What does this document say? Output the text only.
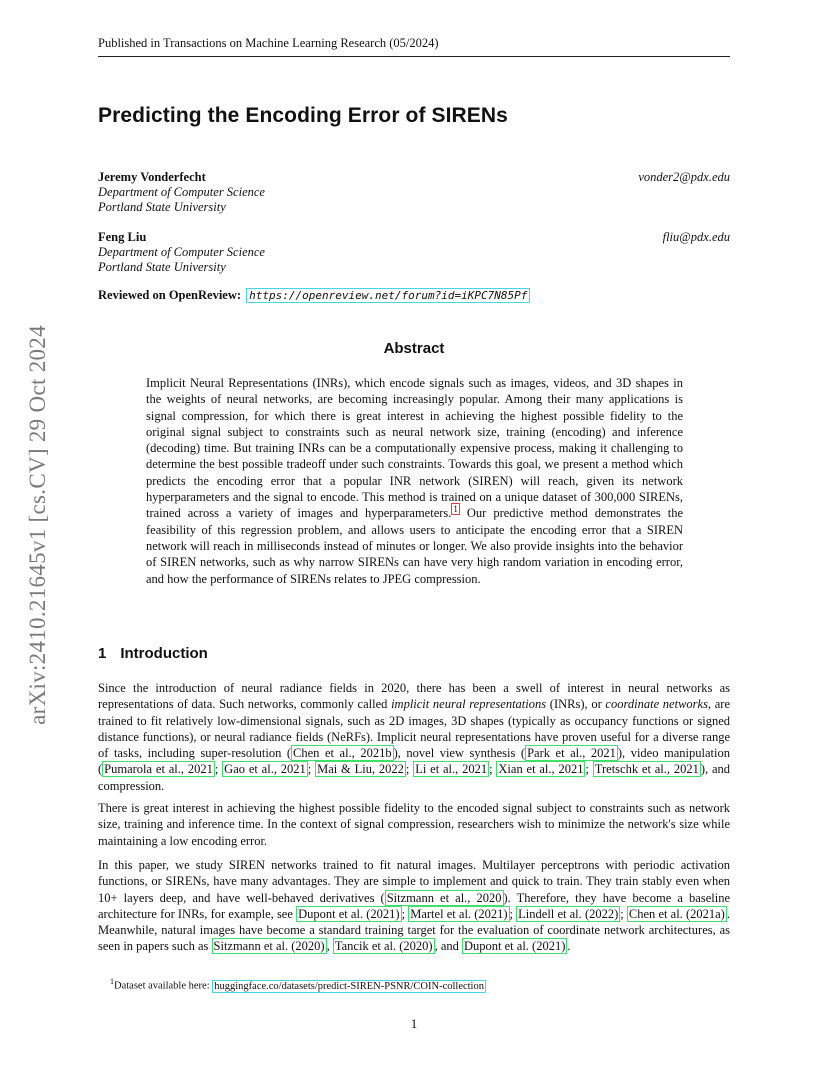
Published in Transactions on Machine Learning Research (05/2024)
arXiv:2410.21645v1 [cs.CV] 29 Oct 2024
Predicting the Encoding Error of SIRENs
Jeremy Vonderfecht	vonder2@pdx.edu
Department of Computer Science
Portland State University
Feng Liu	fliu@pdx.edu
Department of Computer Science
Portland State University
Reviewed on OpenReview: https://openreview.net/forum?id=iKPC7N85Pf
Abstract

Implicit Neural Representations (INRs), which encode signals such as images, videos, and 3D shapes in the weights of neural networks, are becoming increasingly popular. Among their many applications is signal compression, for which there is great interest in achieving the highest possible fidelity to the original signal subject to constraints such as neural network size, training (encoding) and inference (decoding) time. But training INRs can be a computationally expensive process, making it challenging to determine the best possible tradeoff under such constraints. Towards this goal, we present a method which predicts the encoding error that a popular INR network (SIREN) will reach, given its network hyperparameters and the signal to encode. This method is trained on a unique dataset of 300,000 SIRENs, trained across a variety of images and hyperparameters. $^1$ Our predictive method demonstrates the feasibility of this regression problem, and allows users to anticipate the encoding error that a SIREN network will reach in milliseconds instead of minutes or longer. We also provide insights into the behavior of SIREN networks, such as why narrow SIRENs can have very high random variation in encoding error, and how the performance of SIRENs relates to JPEG compression.

1 Introduction

Since the introduction of neural radiance fields in 2020, there has been a swell of interest in neural networks as representations of data. Such networks, commonly called implicit neural representations (INRs), or coordinate networks, are trained to fit relatively low-dimensional signals, such as 2D images, 3D shapes (typically as occupancy functions or signed distance functions), or neural radiance fields (NeRFs). Implicit neural representations have proven useful for a diverse range of tasks, including super-resolution ( Chen et al., 2021b ), novel view synthesis ( Park et al., 2021 ), video manipulation ( Pumarola et al., 2021 ; Gao et al., 2021 ; Mai & Liu, 2022 ; Li et al., 2021 ; Xian et al., 2021 ; Tretschk et al., 2021 ), and compression.

There is great interest in achieving the highest possible fidelity to the encoded signal subject to constraints such as network size, training and inference time. In the context of signal compression, researchers wish to minimize the network's size while maintaining a low encoding error.

In this paper, we study SIREN networks trained to fit natural images. Multilayer perceptrons with periodic activation functions, or SIRENs, have many advantages. They are simple to implement and quick to train. They train stably even when 10+ layers deep, and have well-behaved derivatives ( Sitzmann et al., 2020 ). Therefore, they have become a baseline architecture for INRs, for example, see Dupont et al. (2021) ; Martel et al. (2021) ; Lindell et al. (2022) ; Chen et al. (2021a) . Meanwhile, natural images have become a standard training target for the evaluation of coordinate network architectures, as seen in papers such as Sitzmann et al. (2020) , Tancik et al. (2020) , and Dupont et al. (2021) .

$^1$Dataset available here: huggingface.co/datasets/predict-SIREN-PSNR/COIN-collection
1
